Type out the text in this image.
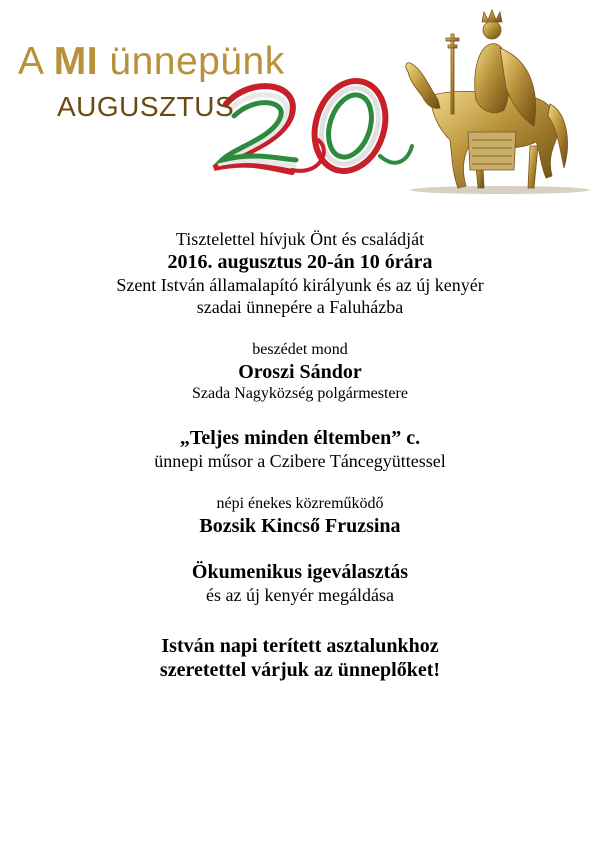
A MI ünnepünk
AUGUSZTUS
Tisztelettel hívjuk Önt és családját
2016. augusztus 20-án 10 órára
Szent István államalapító királyunk és az új kenyér
szadai ünnepére a Faluházba
beszédet mond
Oroszi Sándor
Szada Nagyközség polgármestere
„Teljes minden éltemben” c.
ünnepi műsor a Czibere Táncegyüttessel
népi énekes közreműködő
Bozsik Kincső Fruzsina
Ökumenikus igeválasztás
és az új kenyér megáldása
István napi terített asztalunkhoz
szeretettel várjuk az ünneplőket!
